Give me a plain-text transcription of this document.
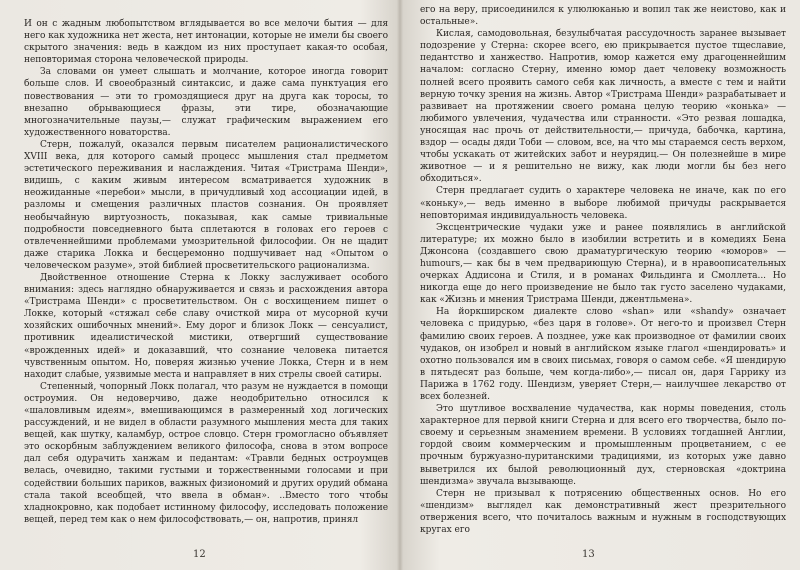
И он с жадным любопытством вглядывается во все мелочи бытия — для него как художника нет жеста, нет интонации, которые не имели бы своего скрытого значения: ведь в каждом из них проступает какая-то особая, неповторимая сторона человеческой природы.

За словами он умеет слышать и молчание, которое иногда говорит больше слов. И своеобразный синтаксис, и даже сама пунктуация его повествования — эти то громоздящиеся друг на друга как торосы, то внезапно обрывающиеся фразы, эти тире, обозначающие многозначительные паузы,— служат графическим выражением его художественного новаторства.

Стерн, пожалуй, оказался первым писателем рационалистического XVIII века, для которого самый процесс мышления стал предметом эстетического переживания и наслаждения. Читая «Тристрама Шенди», видишь, с каким живым интересом всматривается художник в неожиданные «перебои» мысли, в причудливый ход ассоциации идей, в разломы и смещения различных пластов сознания. Он проявляет необычайную виртуозность, показывая, как самые тривиальные подробности повседневного быта сплетаются в головах его героев с отвлеченнейшими проблемами умозрительной философии. Он не щадит даже старика Локка и бесцеремонно подшучивает над «Опытом о человеческом разуме», этой библией просветительского рационализма.

Двойственное отношение Стерна к Локку заслуживает особого внимания: здесь наглядно обнаруживается и связь и расхождения автора «Тристрама Шенди» с просветительством. Он с восхищением пишет о Локке, который «стяжал себе славу очисткой мира от мусорной кучи хозяйских ошибочных мнений». Ему дорог и близок Локк — сенсуалист, противник идеалистической мистики, отвергший существование «врожденных идей» и доказавший, что сознание человека питается чувственным опытом. Но, поверяя жизнью учение Локка, Стерн и в нем находит слабые, уязвимые места и направляет в них стрелы своей сатиры.

Степенный, чопорный Локк полагал, что разум не нуждается в помощи остроумия. Он недоверчиво, даже неодобрительно относился к «шаловливым идеям», вмешивающимся в размеренный ход логических рассуждений, и не видел в области разумного мышления места для таких вещей, как шутку, каламбур, острое словцо. Стерн громогласно объявляет это оскорбным заблуждением великого философа, снова в этом вопросе дал себя одурачить ханжам и педантам: «Травли бедных остроумцев велась, очевидно, такими густыми и торжественными голосами и при содействии больших париков, важных физиономий и других орудий обмана стала такой всеобщей, что ввела в обман». ..Вместо того чтобы хладнокровно, как подобает истинному философу, исследовать положение вещей, перед тем как о нем философствовать,— он, напротив, принял

12

его на веру, присоединился к улюлюканью и вопил так же неистово, как и остальные».

Кислая, самодовольная, безулыбчатая рассудочность заранее вызывает подозрение у Стерна: скорее всего, ею прикрывается пустое тщеславие, педантство и ханжество. Напротив, юмор кажется ему драгоценнейшим началом: согласно Стерну, именно юмор дает человеку возможность полней всего проявить самого себя как личность, а вместе с тем и найти верную точку зрения на жизнь. Автор «Тристрама Шенди» разрабатывает и развивает на протяжении своего романа целую теорию «конька» — любимого увлечения, чудачества или странности. «Это резвая лошадка, уносящая нас прочь от действительности,— причуда, бабочка, картина, вздор — осады дяди Тоби — словом, все, на что мы стараемся сесть верхом, чтобы ускакать от житейских забот и неурядиц.— Он полезнейше в мире животное — и я решительно не вижу, как люди могли бы без него обходиться».

Стерн предлагает судить о характере человека не иначе, как по его «коньку»,— ведь именно в выборе любимой причуды раскрывается неповторимая индивидуальность человека.

Эксцентрические чудаки уже и ранее появлялись в английской литературе; их можно было в изобилии встретить и в комедиях Бена Джонсона (создавшего свою драматургическую теорию «юморов» — humours,— как бы в чем предвариющую Стерна), и в нравоописательных очерках Аддисона и Стиля, и в романах Фильдинга и Смоллета... Но никогда еще до него произведение не было так густо заселено чудаками, как «Жизнь и мнения Тристрама Шенди, джентльмена».

На йоркширском диалекте слово «shan» или «shandy» означает человека с придурью, «без царя в голове». От него-то и произвел Стерн фамилию своих героев. А позднее, уже как производное от фамилии своих чудаков, он изобрел и новый в английском языке глагол «шендировать» и охотно пользовался им в своих письмах, говоря о самом себе. «Я шендирую в пятьдесят раз больше, чем когда-либо»,— писал он, даря Гаррику из Парижа в 1762 году. Шендизм, уверяет Стерн,— наилучшее лекарство от всех болезней.

Это шутливое восхваление чудачества, как нормы поведения, столь характерное для первой книги Стерна и для всего его творчества, было по-своему и серьезным знамением времени. В условиях тогдашней Англии, гордой своим коммерческим и промышленным процветанием, с ее прочным буржуазно-пуританскими традициями, из которых уже давно выветрился их былой революционный дух, стерновская «доктрина шендизма» звучала вызывающе.

Стерн не призывал к потрясению общественных основ. Но его «шендизм» выглядел как демонстративный жест презрительного отвержения всего, что почиталось важным и нужным в господствующих кругах его

13
